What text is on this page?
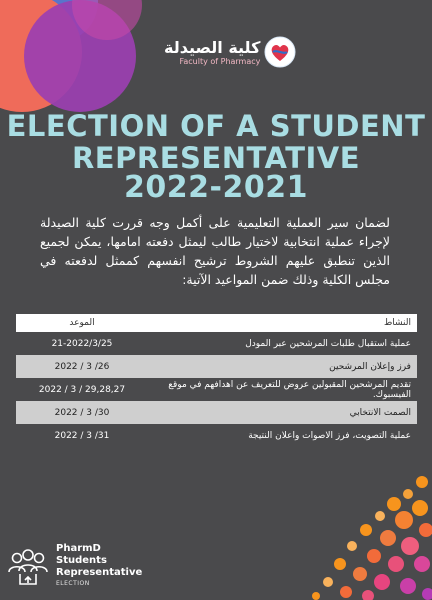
كلية الصيدلة
Faculty of Pharmacy
ELECTION OF A STUDENT
REPRESENTATIVE
2022-2021
لضمان سير العملية التعليمية على أكمل وجه قررت كلية الصيدلة لإجراء عملية انتخابية لاختيار طالب ليمثل دفعته امامها، يمكن لجميع الذين تنطبق عليهم الشروط ترشيح انفسهم كممثل لدفعته في مجلس الكلية وذلك ضمن المواعيد الآتية:
النشاط	الموعد
عملية استقبال طلبات المرشحين عبر المودل	21-2022/3/25
فرز وإعلان المرشحين	2022 / 3 /26
تقديم المرشحين المقبولين عروض للتعريف عن اهدافهم في موقع الفيسبوك.	2022 / 3 / 29,28,27
الصمت الانتخابي	2022 / 3 /30
عملية التصويت، فرز الاصوات واعلان النتيجة	2022 / 3 /31
PharmD
Students
Representative
ELECTION
